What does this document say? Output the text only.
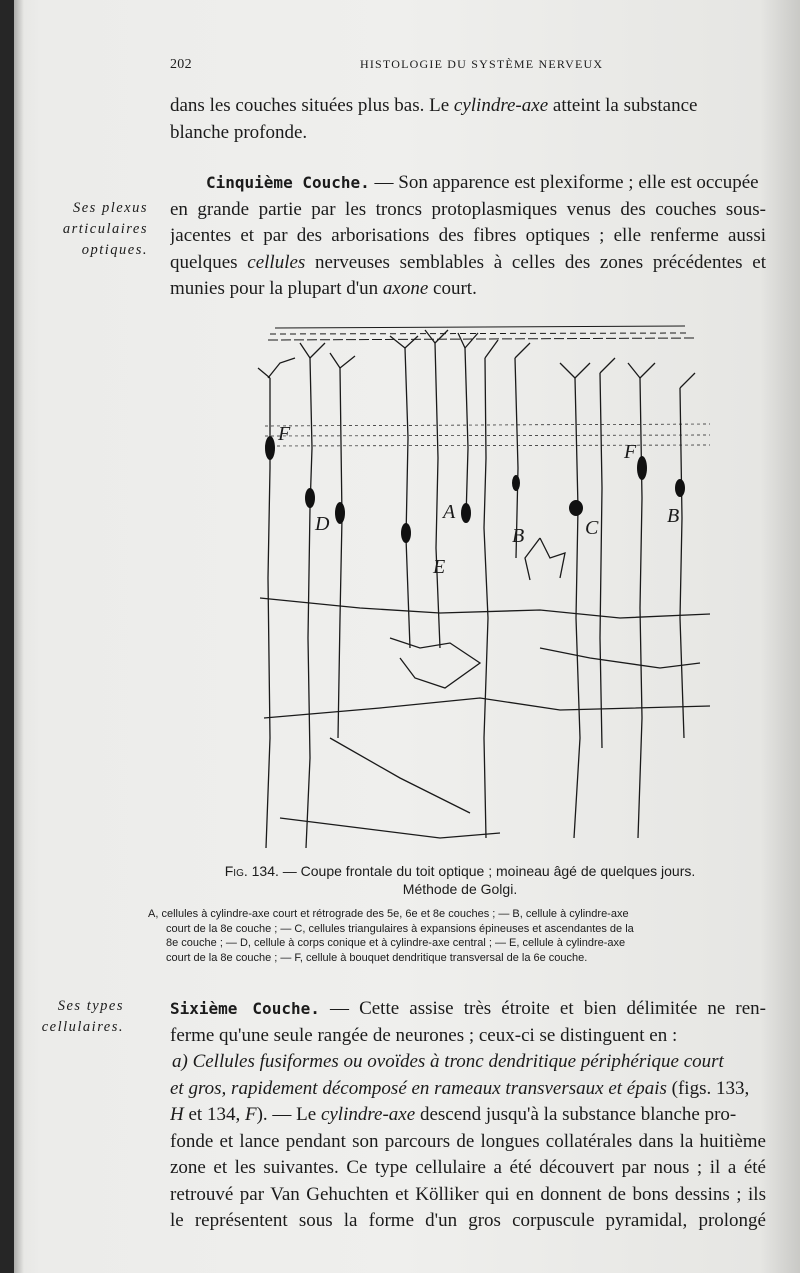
202	HISTOLOGIE DU SYSTÈME NERVEUX
dans les couches situées plus bas. Le cylindre-axe atteint la substance
blanche profonde.
Ses plexus
articulaires
optiques.
Cinquième Couche. — Son apparence est plexiforme ; elle est occupée
en grande partie par les troncs protoplasmiques venus des couches sous-
jacentes et par des arborisations des fibres optiques ; elle renferme aussi
quelques cellules nerveuses semblables à celles des zones précédentes et
munies pour la plupart d'un axone court.
F
D
A
E
B	C
F
B
Fig. 134. — Coupe frontale du toit optique ; moineau âgé de quelques jours.
Méthode de Golgi.
A, cellules à cylindre-axe court et rétrograde des 5e, 6e et 8e couches ; — B, cellule à cylindre-axe
court de la 8e couche ; — C, cellules triangulaires à expansions épineuses et ascendantes de la
8e couche ; — D, cellule à corps conique et à cylindre-axe central ; — E, cellule à cylindre-axe
court de la 8e couche ; — F, cellule à bouquet dendritique transversal de la 6e couche.
Ses types
cellulaires.
Sixième Couche. — Cette assise très étroite et bien délimitée ne ren-
ferme qu'une seule rangée de neurones ; ceux-ci se distinguent en :
a) Cellules fusiformes ou ovoïdes à tronc dendritique périphérique court
et gros, rapidement décomposé en rameaux transversaux et épais (figs. 133,
H et 134, F). — Le cylindre-axe descend jusqu'à la substance blanche pro-
fonde et lance pendant son parcours de longues collatérales dans la huitième
zone et les suivantes. Ce type cellulaire a été découvert par nous ; il a été
retrouvé par Van Gehuchten et Kölliker qui en donnent de bons dessins ; ils
le représentent sous la forme d'un gros corpuscule pyramidal, prolongé
